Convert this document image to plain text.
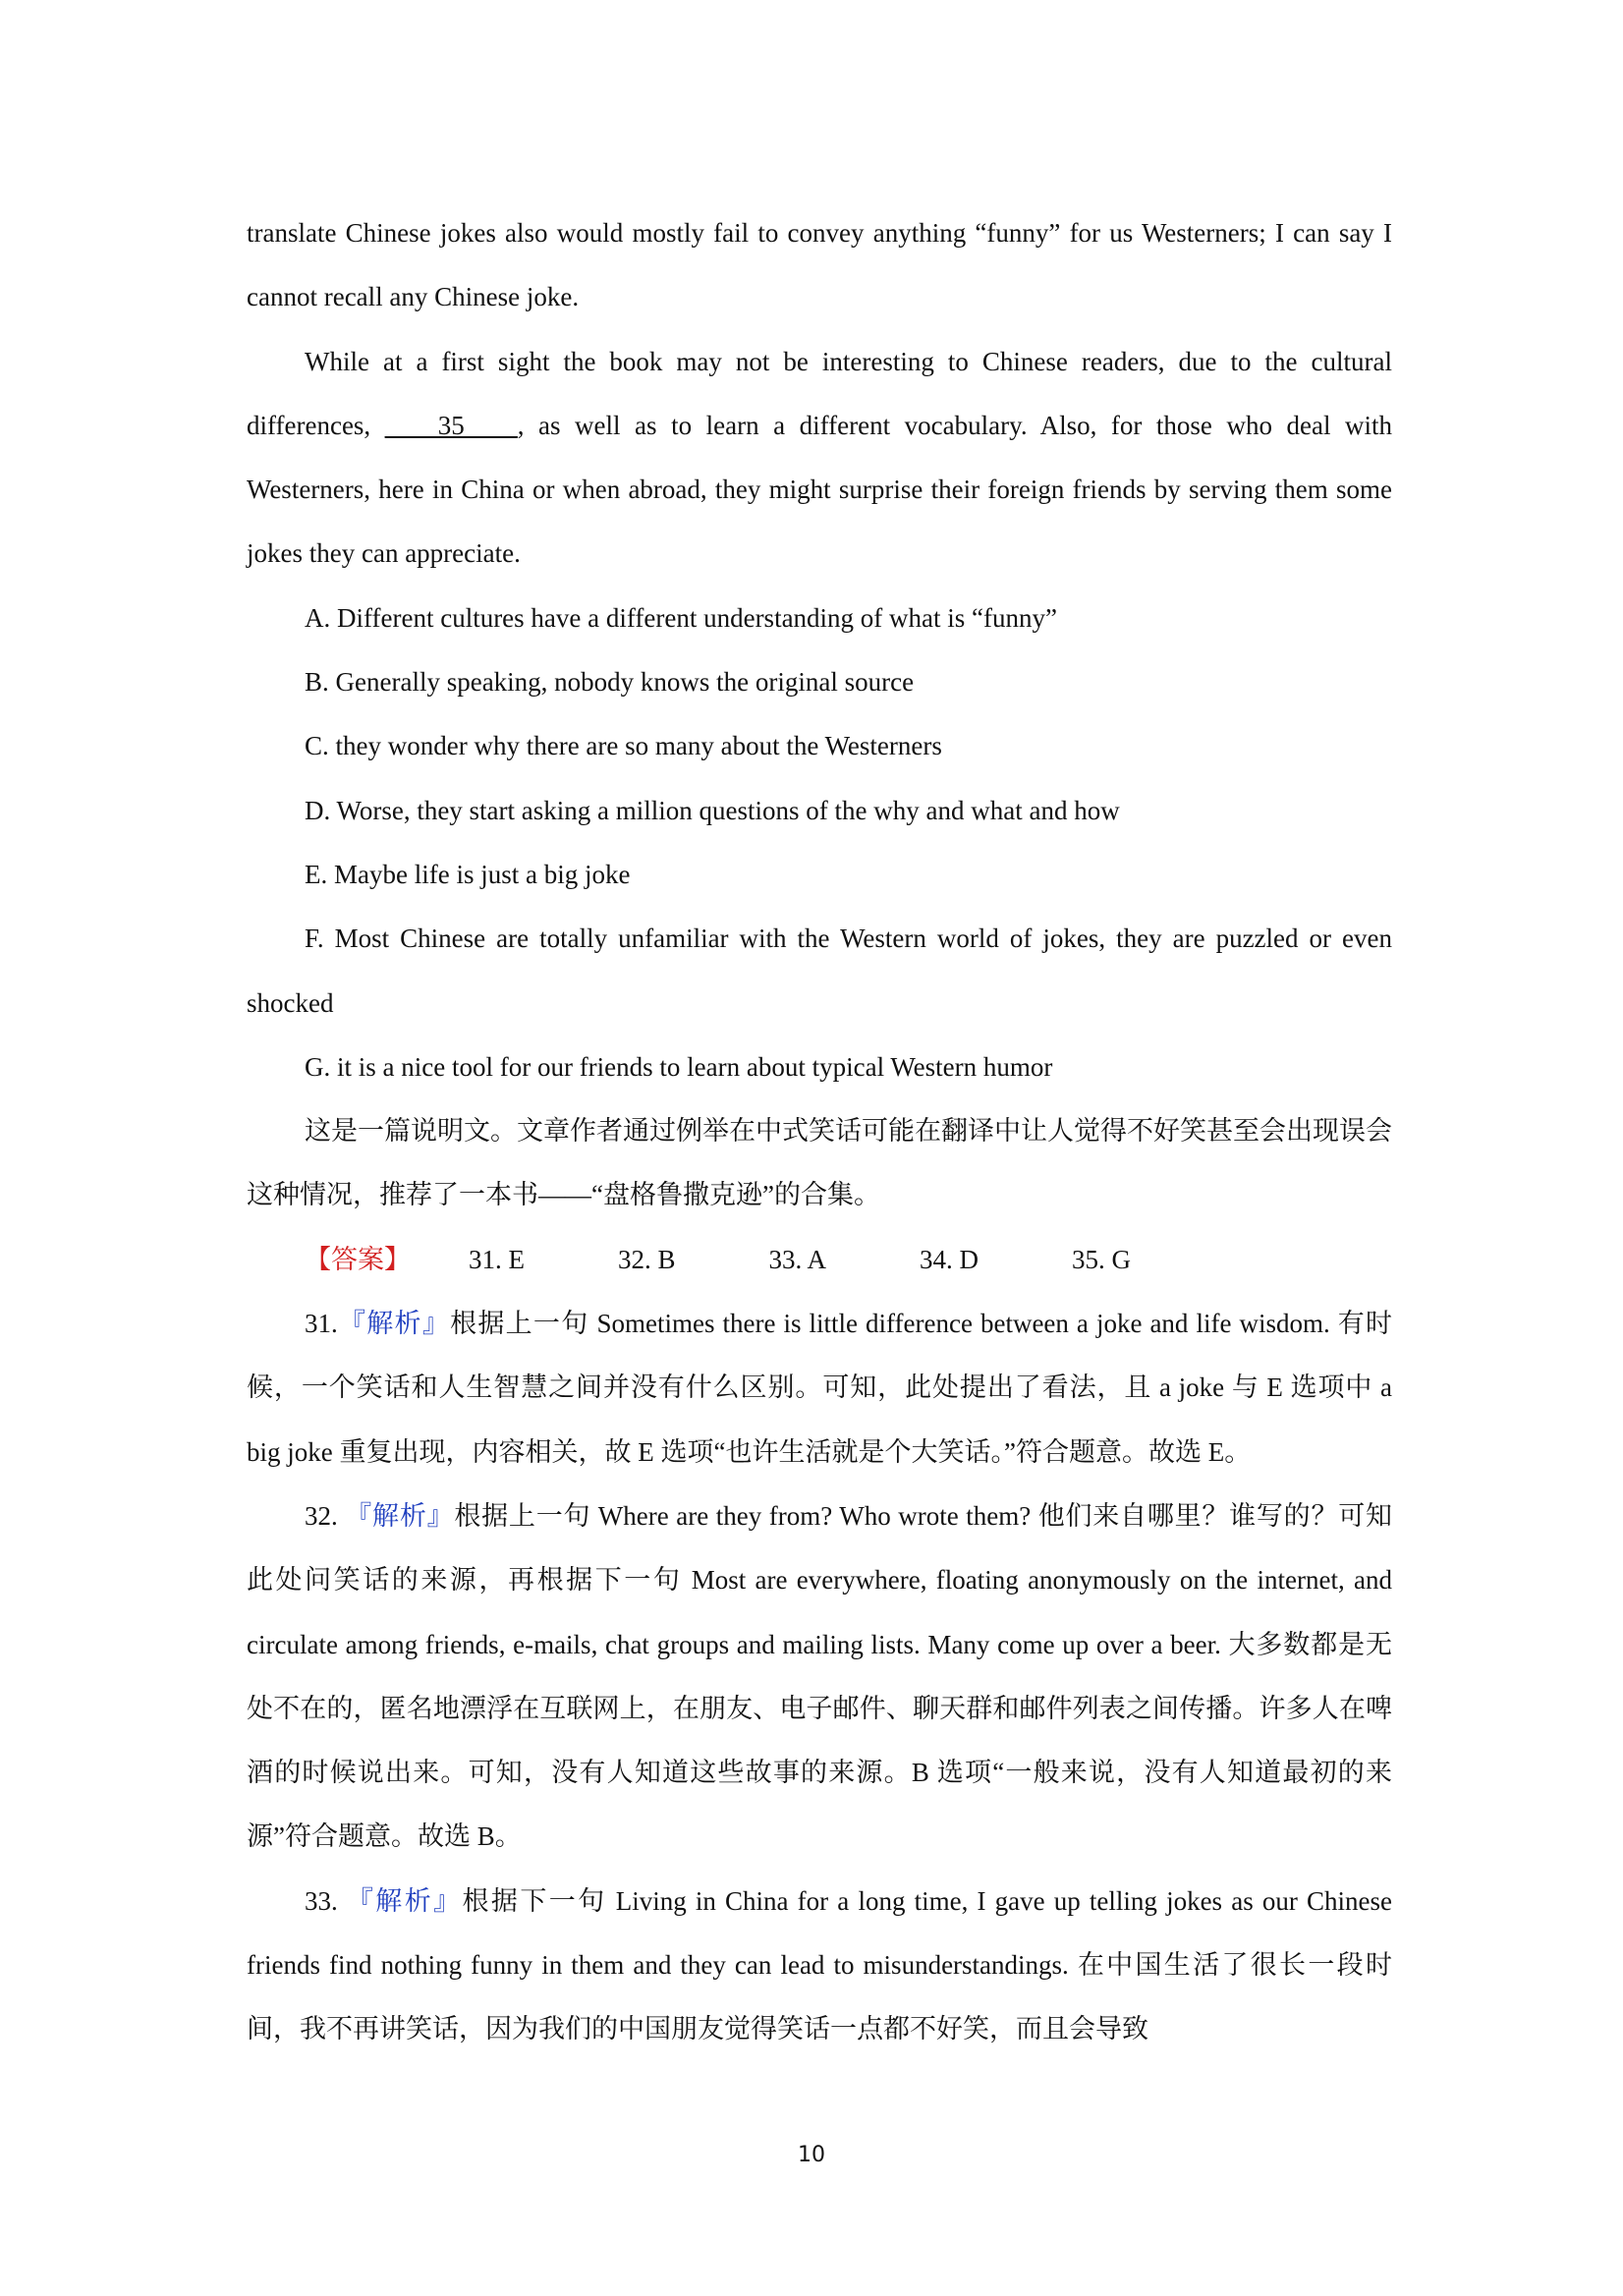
translate Chinese jokes also would mostly fail to convey anything “funny” for us Westerners; I can say I cannot recall any Chinese joke.

While at a first sight the book may not be interesting to Chinese readers, due to the cultural differences, ____35____, as well as to learn a different vocabulary. Also, for those who deal with Westerners, here in China or when abroad, they might surprise their foreign friends by serving them some jokes they can appreciate.

A. Different cultures have a different understanding of what is “funny”

B. Generally speaking, nobody knows the original source

C. they wonder why there are so many about the Westerners

D. Worse, they start asking a million questions of the why and what and how

E. Maybe life is just a big joke

F. Most Chinese are totally unfamiliar with the Western world of jokes, they are puzzled or even shocked

G. it is a nice tool for our friends to learn about typical Western humor

这是一篇说明文。文章作者通过例举在中式笑话可能在翻译中让人觉得不好笑甚至会出现误会这种情况，推荐了一本书——“盘格鲁撒克逊”的合集。

【答案】 31. E	32. B	33. A	34. D	35. G

31.『解析』根据上一句 Sometimes there is little difference between a joke and life wisdom. 有时候，一个笑话和人生智慧之间并没有什么区别。可知，此处提出了看法，且 a joke 与 E 选项中 a big joke 重复出现，内容相关，故 E 选项“也许生活就是个大笑话。”符合题意。故选 E。

32. 『解析』根据上一句 Where are they from? Who wrote them? 他们来自哪里？谁写的？可知此处问笑话的来源，再根据下一句 Most are everywhere, floating anonymously on the internet, and circulate among friends, e-mails, chat groups and mailing lists. Many come up over a beer. 大多数都是无处不在的，匿名地漂浮在互联网上，在朋友、电子邮件、聊天群和邮件列表之间传播。许多人在啤酒的时候说出来。可知，没有人知道这些故事的来源。B 选项“一般来说，没有人知道最初的来源”符合题意。故选 B。

33. 『解析』根据下一句 Living in China for a long time, I gave up telling jokes as our Chinese friends find nothing funny in them and they can lead to misunderstandings. 在中国生活了很长一段时间，我不再讲笑话，因为我们的中国朋友觉得笑话一点都不好笑，而且会导致

10
